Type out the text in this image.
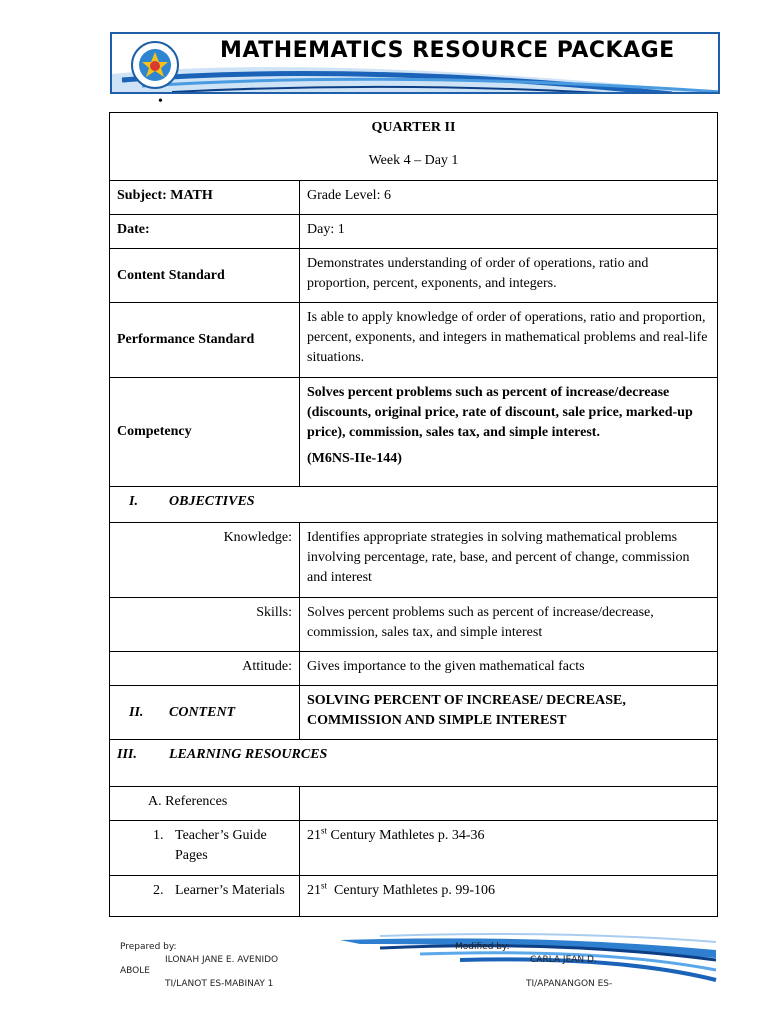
MATHEMATICS RESOURCE PACKAGE
•
QUARTER II
Week 4 – Day 1	

Subject: MATH	Grade Level: 6
Date:	Day: 1
Content Standard	Demonstrates understanding of order of operations, ratio and proportion, percent, exponents, and integers.
Performance Standard	Is able to apply knowledge of order of operations, ratio and proportion, percent, exponents, and integers in mathematical problems and real-life situations.
Competency	Solves percent problems such as percent of increase/decrease (discounts, original price, rate of discount, sale price, marked-up price), commission, sales tax, and simple interest.
(M6NS-IIe-144)

I. OBJECTIVES	
Knowledge:	Identifies appropriate strategies in solving mathematical problems involving percentage, rate, base, and percent of change, commission and interest
Skills:	Solves percent problems such as percent of increase/decrease, commission, sales tax, and simple interest
Attitude:	Gives importance to the given mathematical facts
II. CONTENT	SOLVING PERCENT OF INCREASE/ DECREASE, COMMISSION AND SIMPLE INTEREST
III. LEARNING RESOURCES	
A. References	

1. Teacher’s Guide Pages	21st Century Mathletes p. 34-36

2. Learner’s Materials	21st  Century Mathletes p. 99-106
Prepared by:
ILONAH JANE E. AVENIDO
ABOLE
TI/LANOT ES-MABINAY 1
Modified by:
CARLA JEAN D.
TI/APANANGON ES-
